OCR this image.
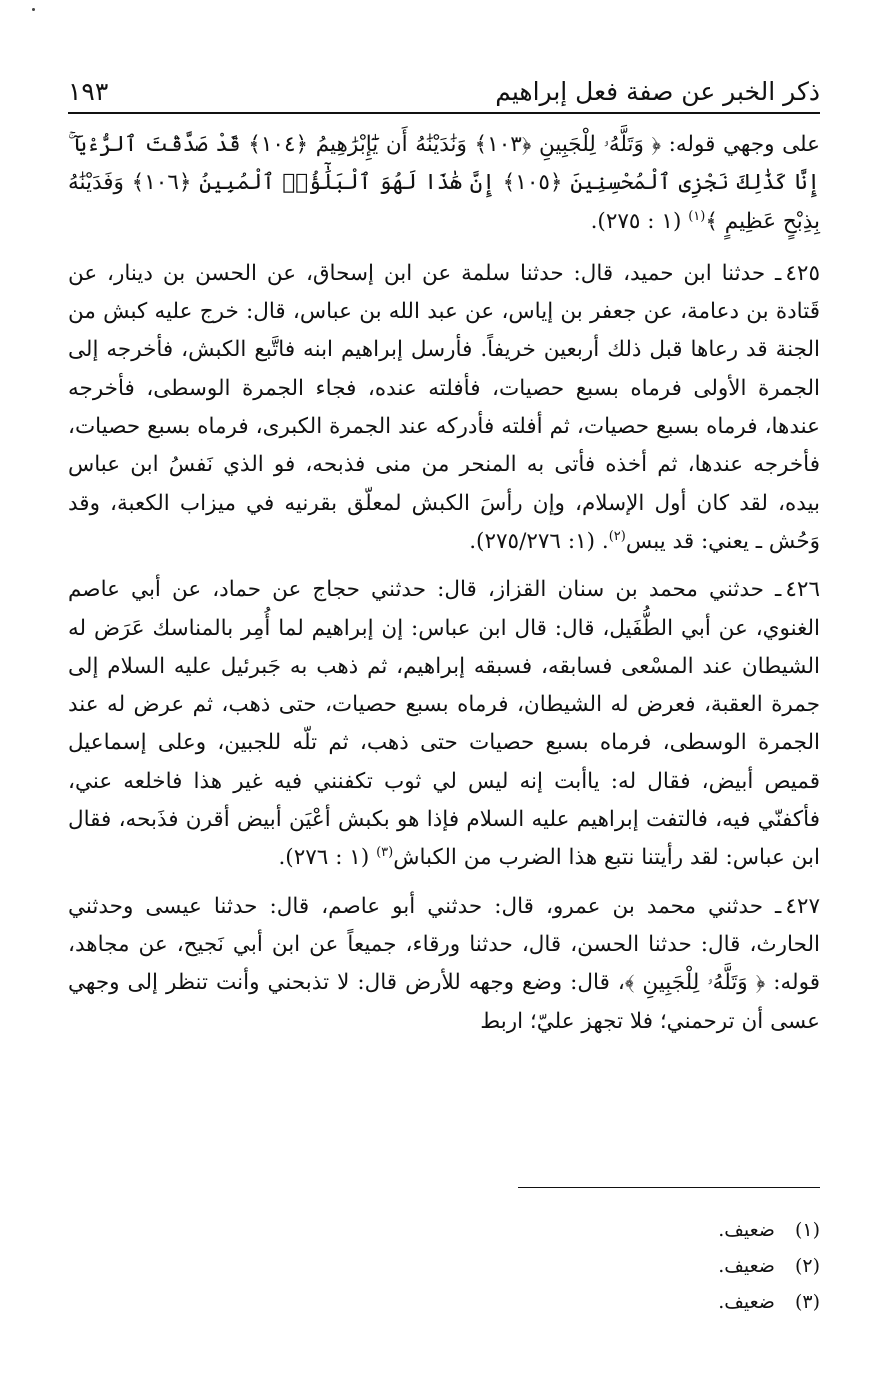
ذكر الخبر عن صفة فعل إبراهيم
١٩٣

على وجهي قوله: ﴿ وَتَلَّهُۥ لِلْجَبِينِ ﴿١٠٣﴾ وَنَٰدَيْنَٰهُ أَن يَٰٓإِبْرَٰهِيمُ ﴿١٠٤﴾ قَدْ صَدَّقْتَ ٱلرُّءْيَآ ۚ إِنَّا كَذَٰلِكَ نَجْزِى ٱلْمُحْسِنِينَ ﴿١٠٥﴾ إِنَّ هَٰذَا لَهُوَ ٱلْبَلَٰٓؤُا۟ ٱلْمُبِينُ ﴿١٠٦﴾ وَفَدَيْنَٰهُ بِذِبْحٍ عَظِيمٍ ﴾$^{(١)}$ (١ : ٢٧٥).

٤٢٥ـ حدثنا ابن حميد، قال: حدثنا سلمة عن ابن إسحاق، عن الحسن بن دينار، عن قَتادة بن دعامة، عن جعفر بن إياس، عن عبد الله بن عباس، قال: خرج عليه كبش من الجنة قد رعاها قبل ذلك أربعين خريفاً. فأرسل إبراهيم ابنه فاتَّبع الكبش، فأخرجه إلى الجمرة الأولى فرماه بسبع حصيات، فأفلته عنده، فجاء الجمرة الوسطى، فأخرجه عندها، فرماه بسبع حصيات، ثم أفلته فأدركه عند الجمرة الكبرى، فرماه بسبع حصيات، فأخرجه عندها، ثم أخذه فأتى به المنحر من منى فذبحه، فو الذي نَفسُ ابن عباس بيده، لقد كان أول الإسلام، وإن رأسَ الكبش لمعلّق بقرنيه في ميزاب الكعبة، وقد وَحُش ـ يعني: قد يبس$^{(٢)}$. (١: ٢٧٥/٢٧٦).

٤٢٦ـ حدثني محمد بن سنان القزاز، قال: حدثني حجاج عن حماد، عن أبي عاصم الغنوي، عن أبي الطُّفَيل، قال: قال ابن عباس: إن إبراهيم لما أُمِر بالمناسك عَرَض له الشيطان عند المسْعى فسابقه، فسبقه إبراهيم، ثم ذهب به جَبرئيل عليه السلام إلى جمرة العقبة، فعرض له الشيطان، فرماه بسبع حصيات، حتى ذهب، ثم عرض له عند الجمرة الوسطى، فرماه بسبع حصيات حتى ذهب، ثم تلّه للجبين، وعلى إسماعيل قميص أبيض، فقال له: ياأبت إنه ليس لي ثوب تكفنني فيه غير هذا فاخلعه عني، فأكفنّي فيه، فالتفت إبراهيم عليه السلام فإذا هو بكبش أعْيَن أبيض أقرن فذَبحه، فقال ابن عباس: لقد رأيتنا نتبع هذا الضرب من الكباش$^{(٣)}$ (١ : ٢٧٦).

٤٢٧ـ حدثني محمد بن عمرو، قال: حدثني أبو عاصم، قال: حدثنا عيسى وحدثني الحارث، قال: حدثنا الحسن، قال، حدثنا ورقاء، جميعاً عن ابن أبي نَجيح، عن مجاهد، قوله: ﴿ وَتَلَّهُۥ لِلْجَبِينِ ﴾، قال: وضع وجهه للأرض قال: لا تذبحني وأنت تنظر إلى وجهي عسى أن ترحمني؛ فلا تجهز عليّ؛ اربط

(١)
ضعيف.
(٢)
ضعيف.
(٣)
ضعيف.
